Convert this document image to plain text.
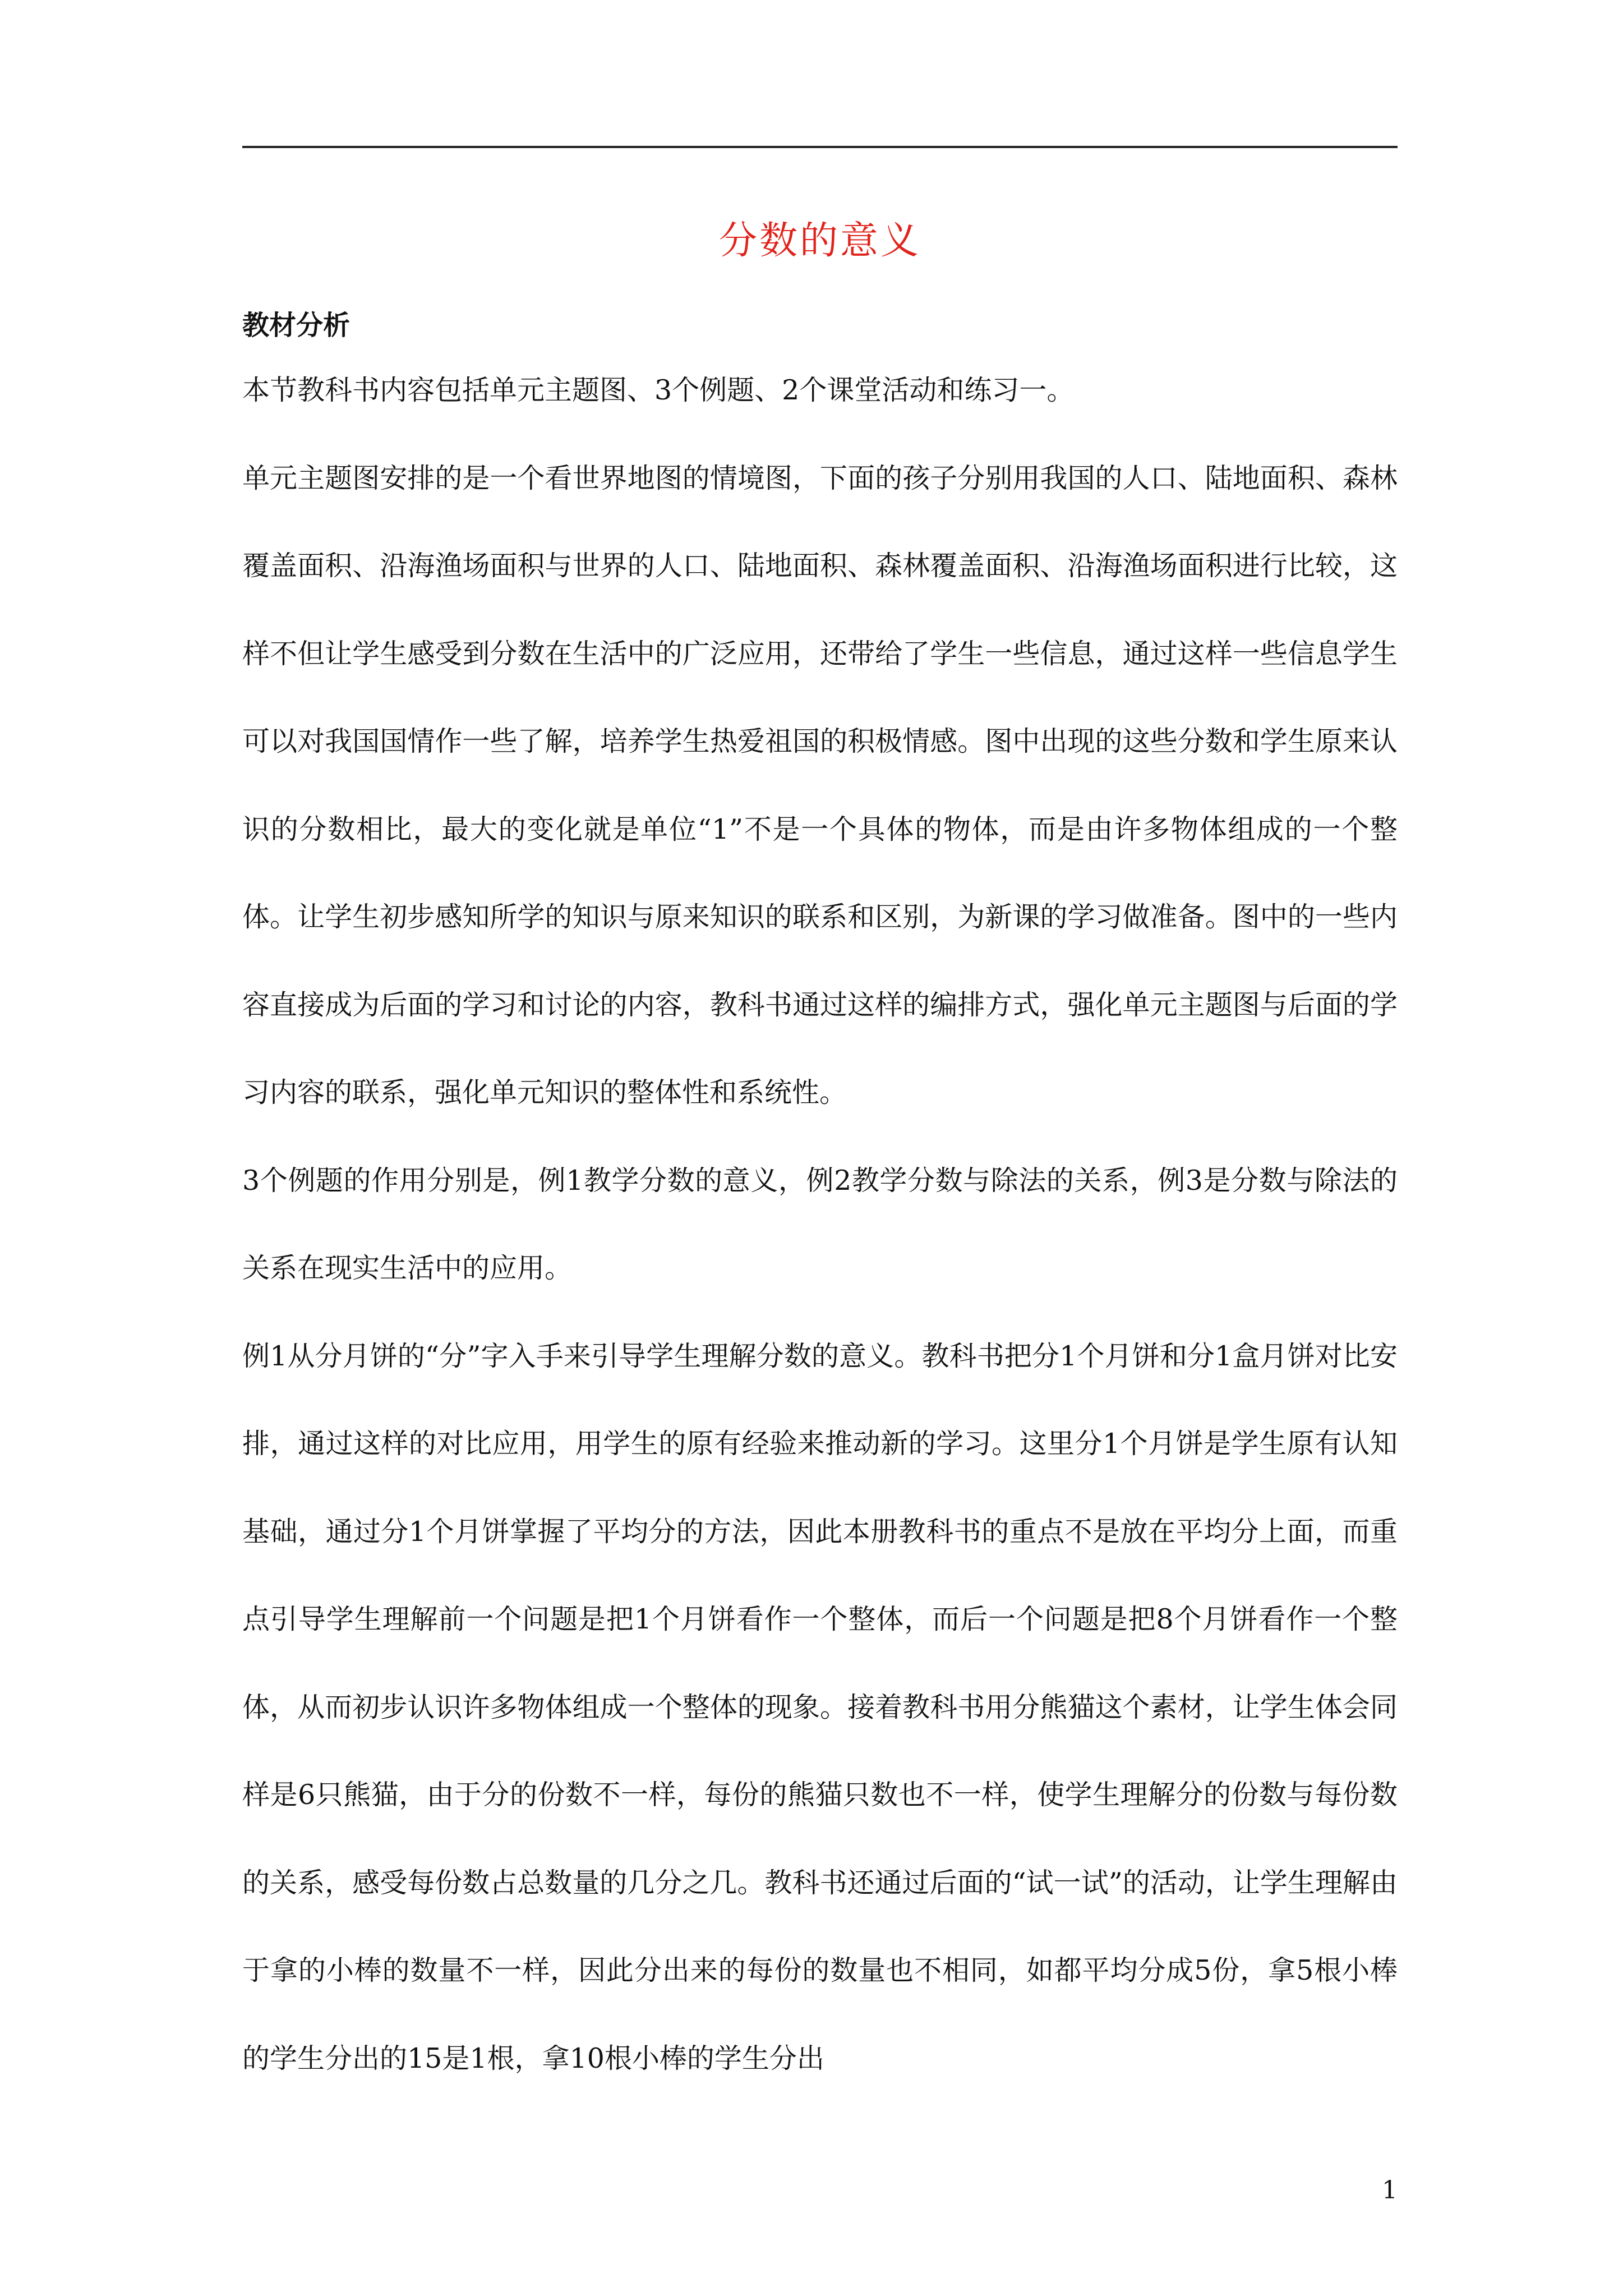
分数的意义
教材分析

本节教科书内容包括单元主题图、3个例题、2个课堂活动和练习一。

单元主题图安排的是一个看世界地图的情境图，下面的孩子分别用我国的人口、陆地面积、森林覆盖面积、沿海渔场面积与世界的人口、陆地面积、森林覆盖面积、沿海渔场面积进行比较，这样不但让学生感受到分数在生活中的广泛应用，还带给了学生一些信息，通过这样一些信息学生可以对我国国情作一些了解，培养学生热爱祖国的积极情感。图中出现的这些分数和学生原来认识的分数相比，最大的变化就是单位“1”不是一个具体的物体，而是由许多物体组成的一个整体。让学生初步感知所学的知识与原来知识的联系和区别，为新课的学习做准备。图中的一些内容直接成为后面的学习和讨论的内容，教科书通过这样的编排方式，强化单元主题图与后面的学习内容的联系，强化单元知识的整体性和系统性。

3个例题的作用分别是，例1教学分数的意义，例2教学分数与除法的关系，例3是分数与除法的关系在现实生活中的应用。

例1从分月饼的“分”字入手来引导学生理解分数的意义。教科书把分1个月饼和分1盒月饼对比安排，通过这样的对比应用，用学生的原有经验来推动新的学习。这里分1个月饼是学生原有认知基础，通过分1个月饼掌握了平均分的方法，因此本册教科书的重点不是放在平均分上面，而重点引导学生理解前一个问题是把1个月饼看作一个整体，而后一个问题是把8个月饼看作一个整体，从而初步认识许多物体组成一个整体的现象。接着教科书用分熊猫这个素材，让学生体会同样是6只熊猫，由于分的份数不一样，每份的熊猫只数也不一样，使学生理解分的份数与每份数的关系，感受每份数占总数量的几分之几。教科书还通过后面的“试一试”的活动，让学生理解由于拿的小棒的数量不一样，因此分出来的每份的数量也不相同，如都平均分成5份，拿5根小棒的学生分出的15是1根，拿10根小棒的学生分出

1
